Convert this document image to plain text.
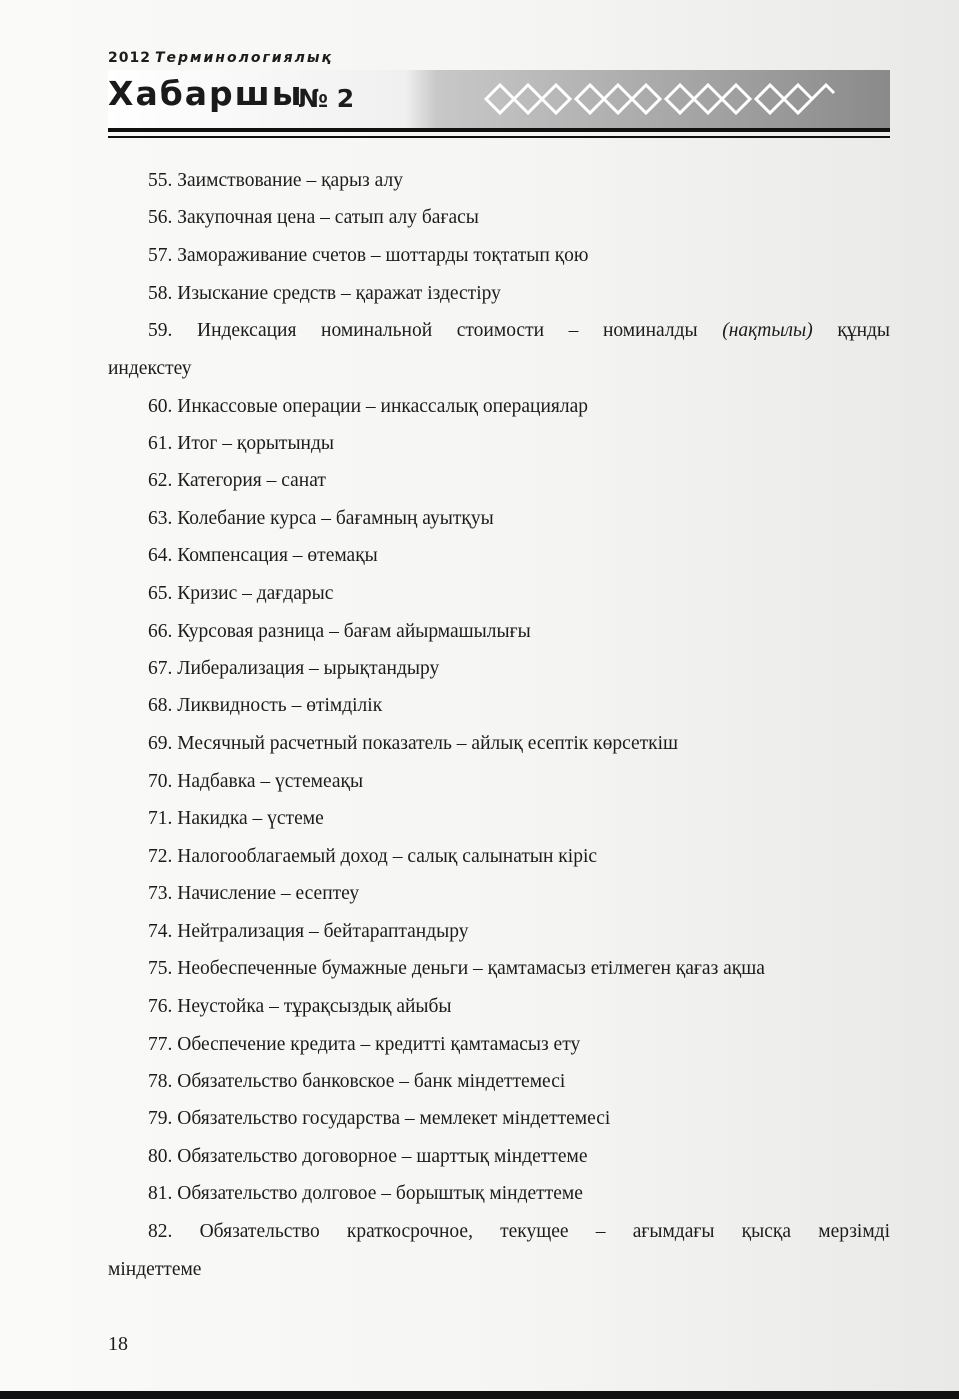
2012 Терминологиялық
Хабаршы
№ 2
55. Заимствование – қарыз алу
56. Закупочная цена – сатып алу бағасы
57. Замораживание счетов – шоттарды тоқтатып қою
58. Изыскание средств – қаражат іздестіру
59. Индексация номинальной стоимости – номиналды (нақтылы) құнды
индекстеу
60. Инкассовые операции – инкассалық операциялар
61. Итог – қорытынды
62. Категория – санат
63. Колебание курса – бағамның ауытқуы
64. Компенсация – өтемақы
65. Кризис – дағдарыс
66. Курсовая разница – бағам айырмашылығы
67. Либерализация – ырықтандыру
68. Ликвидность – өтімділік
69. Месячный расчетный показатель – айлық есептік көрсеткіш
70. Надбавка – үстемеақы
71. Накидка – үстеме
72. Налогооблагаемый доход – салық салынатын кіріс
73. Начисление – есептеу
74. Нейтрализация – бейтараптандыру
75. Необеспеченные бумажные деньги – қамтамасыз етілмеген қағаз ақша
76. Неустойка – тұрақсыздық айыбы
77. Обеспечение кредита – кредитті қамтамасыз ету
78. Обязательство банковское – банк міндеттемесі
79. Обязательство государства – мемлекет міндеттемесі
80. Обязательство договорное – шарттық міндеттеме
81. Обязательство долговое – борыштық міндеттеме
82. Обязательство краткосрочное, текущее – ағымдағы қысқа мерзімді
міндеттеме
18
